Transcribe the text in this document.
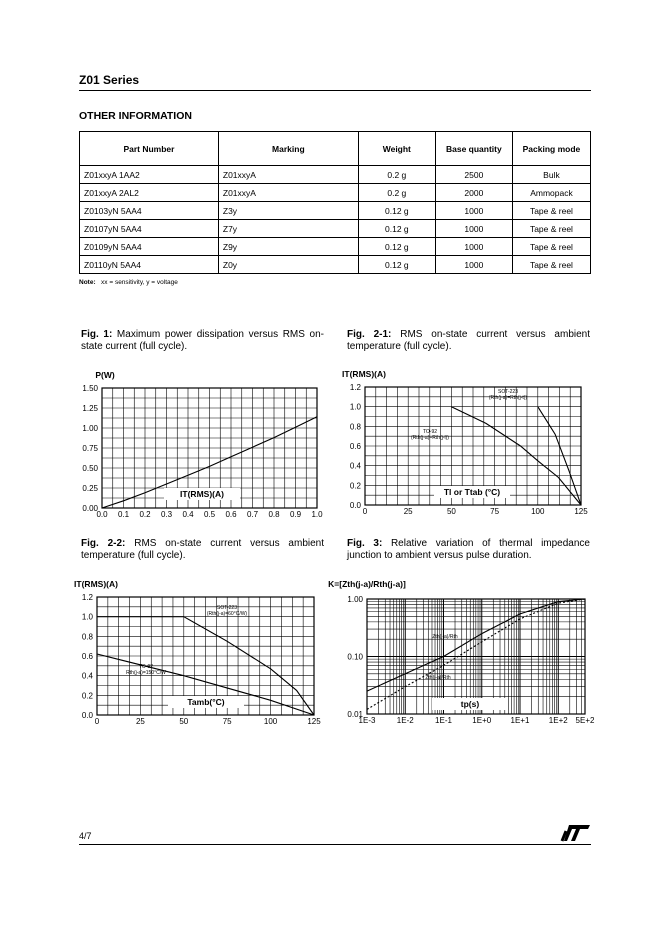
Z01 Series
OTHER INFORMATION
Part Number	Marking	Weight	Base quantity	Packing mode
Z01xxyA 1AA2	Z01xxyA	0.2 g	2500	Bulk
Z01xxyA 2AL2	Z01xxyA	0.2 g	2000	Ammopack
Z0103yN 5AA4	Z3y	0.12 g	1000	Tape & reel
Z0107yN 5AA4	Z7y	0.12 g	1000	Tape & reel
Z0109yN 5AA4	Z9y	0.12 g	1000	Tape & reel
Z0110yN 5AA4	Z0y	0.12 g	1000	Tape & reel
Note: xx = sensitivity, y = voltage
Fig. 1: Maximum power dissipation versus RMS on-state current (full cycle).
Fig. 2-1: RMS on-state current versus ambient temperature (full cycle).
Fig. 2-2: RMS on-state current versus ambient temperature (full cycle).
Fig. 3: Relative variation of thermal impedance junction to ambient versus pulse duration.
0.0 0.1 0.2 0.3 0.4 0.5 0.6 0.7 0.8 0.9 1.0
0.00
0.25
0.50
0.75
1.00
1.25
1.50
P(W)
IT(RMS)(A)
0	25	50	75	100	125
0.0
0.2
0.4
0.6
0.8
1.0
1.2
IT(RMS)(A)
Tl or Ttab (°C)
SOT-223
(Rth(j-a)=Rth(j-t))
TO-92
(Rth(j-a)=Rth(j-l))
0	25	50	75	100	125
0.0
0.2
0.4
0.6
0.8
1.0
1.2
IT(RMS)(A)
Tamb(°C)
SOT-223
(Rth(j-a)=60°C/W)
TO-92
Rth(j-a)=150°C/W
1E-3	1E-2	1E-1	1E+0 1E+1 1E+2 5E+2
0.01
0.10
1.00
K=[Zth(j-a)/Rth(j-a)]
tp(s)
Zth(j-a)/Rth
Zth(j-a)/Rth
4/7
